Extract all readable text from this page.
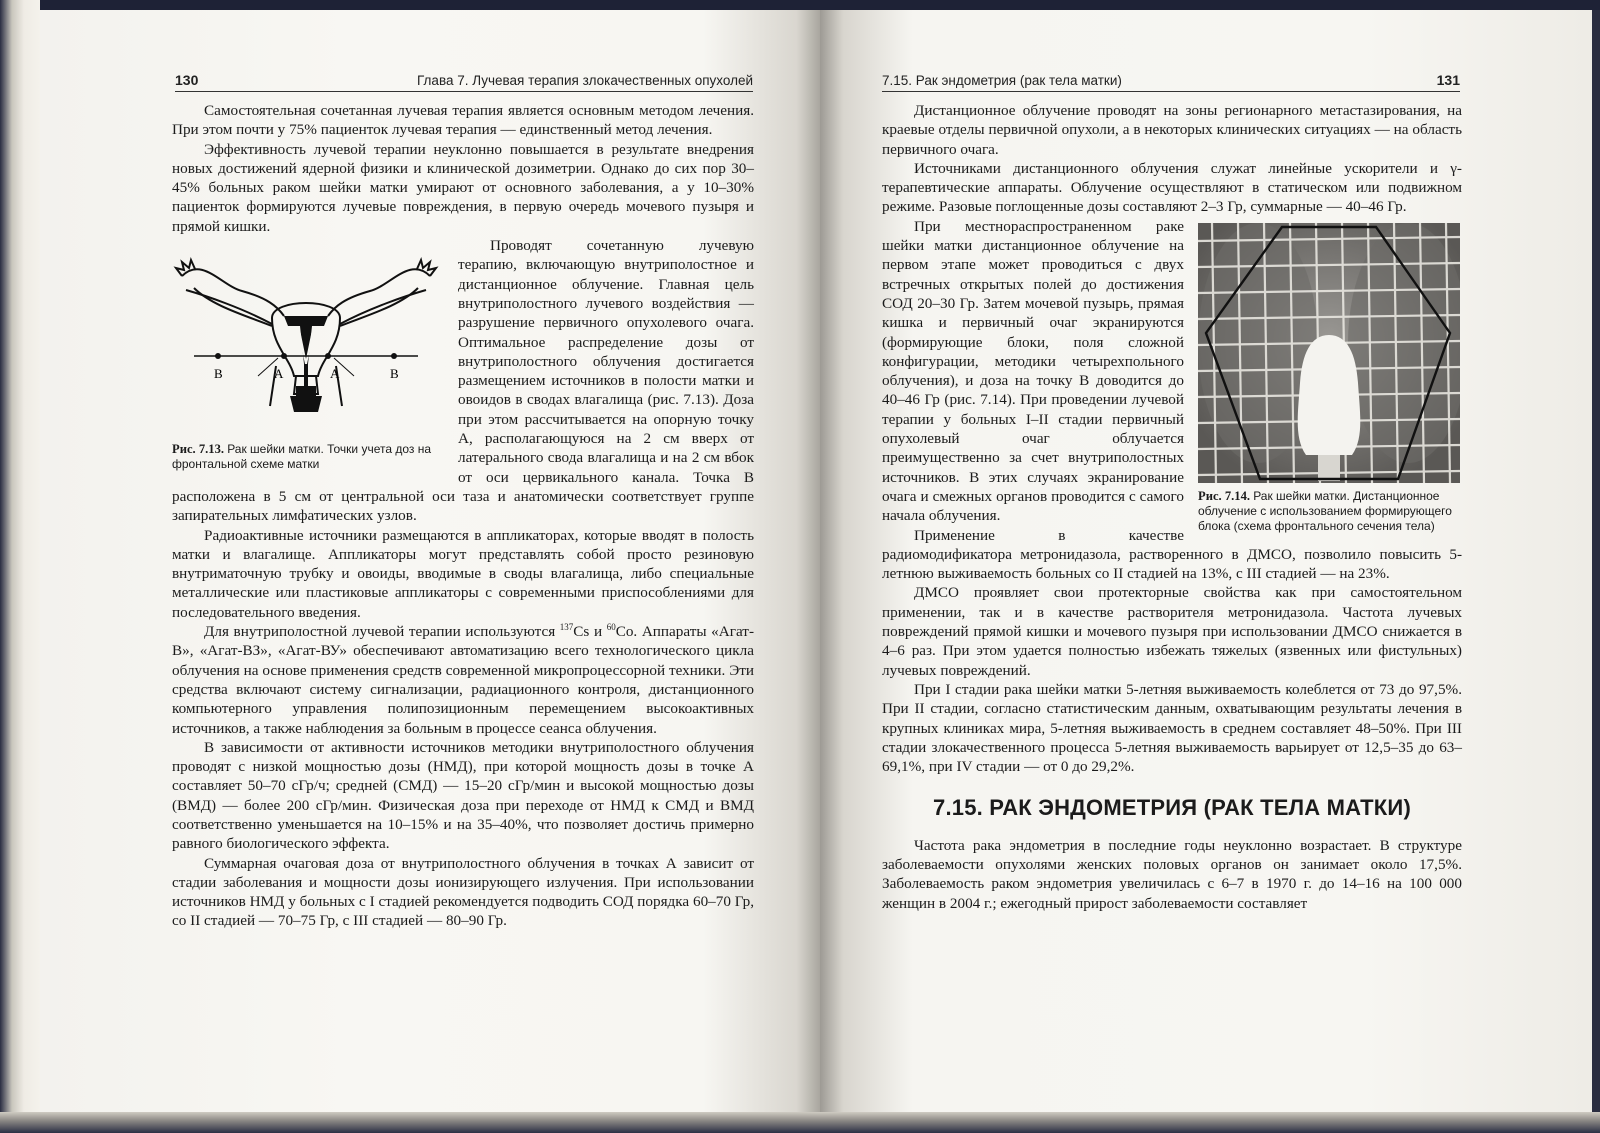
130	Глава 7. Лучевая терапия злокачественных опухолей

Самостоятельная сочетанная лучевая терапия является основным методом лечения. При этом почти у 75% пациенток лучевая терапия — единственный метод лечения.

Эффективность лучевой терапии неуклонно повышается в результате внедрения новых достижений ядерной физики и клинической дозиметрии. Однако до сих пор 30–45% больных раком шейки матки умирают от основного заболевания, а у 10–30% пациенток формируются лучевые повреждения, в первую очередь мочевого пузыря и прямой кишки.

В	А	А	В
Рис. 7.13. Рак шейки матки. Точки учета доз на фронтальной схеме матки

Проводят сочетанную лучевую терапию, включающую внутриполостное и дистанционное облучение. Главная цель внутриполостного лучевого воздействия — разрушение первичного опухолевого очага. Оптимальное распределение дозы от внутриполостного облучения достигается размещением источников в полости матки и овоидов в сводах влагалища (рис. 7.13). Доза при этом рассчитывается на опорную точку А, располагающуюся на 2 см вверх от латерального свода влагалища и на 2 см вбок от оси цервикального канала. Точка В расположена в 5 см от центральной оси таза и анатомически соответствует группе запирательных лимфатических узлов.

Радиоактивные источники размещаются в аппликаторах, которые вводят в полость матки и влагалище. Аппликаторы могут представлять собой просто резиновую внутриматочную трубку и овоиды, вводимые в своды влагалища, либо специальные металлические или пластиковые аппликаторы с современными приспособлениями для последовательного введения.

Для внутриполостной лучевой терапии используются $^{137}$Cs и $^{60}$Co. Аппараты «Агат-В», «Агат-ВЗ», «Агат-ВУ» обеспечивают автоматизацию всего технологического цикла облучения на основе применения средств современной микропроцессорной техники. Эти средства включают систему сигнализации, радиационного контроля, дистанционного компьютерного управления полипозиционным перемещением высокоактивных источников, а также наблюдения за больным в процессе сеанса облучения.

В зависимости от активности источников методики внутриполостного облучения проводят с низкой мощностью дозы (НМД), при которой мощность дозы в точке А составляет 50–70 сГр/ч; средней (СМД) — 15–20 сГр/мин и высокой мощностью дозы (ВМД) — более 200 сГр/мин. Физическая доза при переходе от НМД к СМД и ВМД соответственно уменьшается на 10–15% и на 35–40%, что позволяет достичь примерно равного биологического эффекта.

Суммарная очаговая доза от внутриполостного облучения в точках А зависит от стадии заболевания и мощности дозы ионизирующего излучения. При использовании источников НМД у больных с I стадией рекомендуется подводить СОД порядка 60–70 Гр, со II стадией — 70–75 Гр, с III стадией — 80–90 Гр.

7.15. Рак эндометрия (рак тела матки)	131

Дистанционное облучение проводят на зоны регионарного метастазирования, на краевые отделы первичной опухоли, а в некоторых клинических ситуациях — на область первичного очага.

Источниками дистанционного облучения служат линейные ускорители и γ-терапевтические аппараты. Облучение осуществляют в статическом или подвижном режиме. Разовые поглощенные дозы составляют 2–3 Гр, суммарные — 40–46 Гр.

Рис. 7.14. Рак шейки матки. Дистанционное облучение с использованием формирующего блока (схема фронтального сечения тела)

При местнораспространенном раке шейки матки дистанционное облучение на первом этапе может проводиться с двух встречных открытых полей до достижения СОД 20–30 Гр. Затем мочевой пузырь, прямая кишка и первичный очаг экранируются (формирующие блоки, поля сложной конфигурации, методики четырехпольного облучения), и доза на точку В доводится до 40–46 Гр (рис. 7.14). При проведении лучевой терапии у больных I–II стадии первичный опухолевый очаг облучается преимущественно за счет внутриполостных источников. В этих случаях экранирование очага и смежных органов проводится с самого начала облучения.

Применение в качестве радиомодификатора метронидазола, растворенного в ДМСО, позволило повысить 5-летнюю выживаемость больных со II стадией на 13%, с III стадией — на 23%.

ДМСО проявляет свои протекторные свойства как при самостоятельном применении, так и в качестве растворителя метронидазола. Частота лучевых повреждений прямой кишки и мочевого пузыря при использовании ДМСО снижается в 4–6 раз. При этом удается полностью избежать тяжелых (язвенных или фистульных) лучевых повреждений.

При I стадии рака шейки матки 5-летняя выживаемость колеблется от 73 до 97,5%. При II стадии, согласно статистическим данным, охватывающим результаты лечения в крупных клиниках мира, 5-летняя выживаемость в среднем составляет 48–50%. При III стадии злокачественного процесса 5-летняя выживаемость варьирует от 12,5–35 до 63–69,1%, при IV стадии — от 0 до 29,2%.

7.15. РАК ЭНДОМЕТРИЯ (РАК ТЕЛА МАТКИ)

Частота рака эндометрия в последние годы неуклонно возрастает. В структуре заболеваемости опухолями женских половых органов он занимает около 17,5%. Заболеваемость раком эндометрия увеличилась с 6–7 в 1970 г. до 14–16 на 100 000 женщин в 2004 г.; ежегодный прирост заболеваемости составляет
